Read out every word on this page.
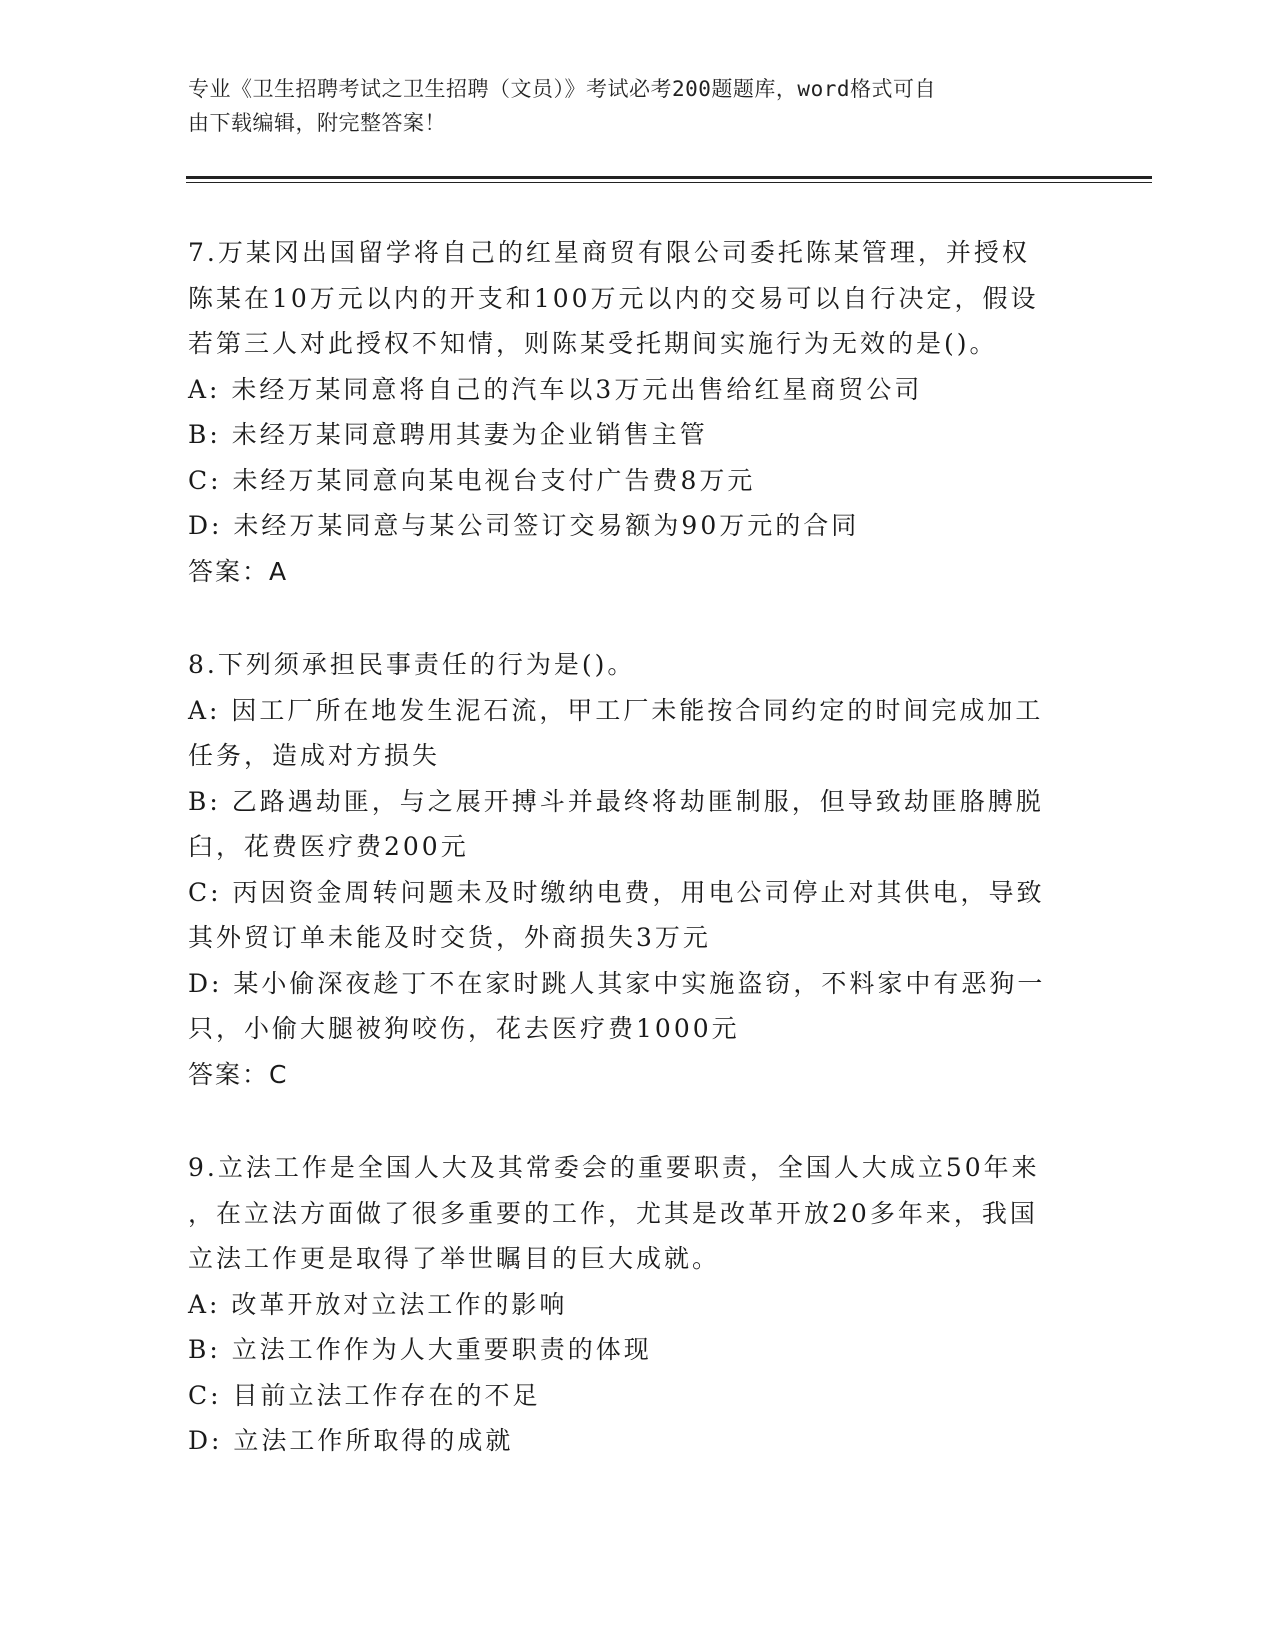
专业《卫生招聘考试之卫生招聘（文员）》考试必考200题题库，word格式可自
由下载编辑，附完整答案！
7.万某冈出国留学将自己的红星商贸有限公司委托陈某管理，并授权
陈某在10万元以内的开支和100万元以内的交易可以自行决定，假设
若第三人对此授权不知情，则陈某受托期间实施行为无效的是()。
A: 未经万某同意将自己的汽车以3万元出售给红星商贸公司
B: 未经万某同意聘用其妻为企业销售主管
C: 未经万某同意向某电视台支付广告费8万元
D: 未经万某同意与某公司签订交易额为90万元的合同
答案：A
8.下列须承担民事责任的行为是()。
A: 因工厂所在地发生泥石流，甲工厂未能按合同约定的时间完成加工
任务，造成对方损失
B: 乙路遇劫匪，与之展开搏斗并最终将劫匪制服，但导致劫匪胳膊脱
臼，花费医疗费200元
C: 丙因资金周转问题未及时缴纳电费，用电公司停止对其供电，导致
其外贸订单未能及时交货，外商损失3万元
D: 某小偷深夜趁丁不在家时跳人其家中实施盗窃，不料家中有恶狗一
只，小偷大腿被狗咬伤，花去医疗费1000元
答案：C
9.立法工作是全国人大及其常委会的重要职责，全国人大成立50年来
，在立法方面做了很多重要的工作，尤其是改革开放20多年来，我国
立法工作更是取得了举世瞩目的巨大成就。
A: 改革开放对立法工作的影响
B: 立法工作作为人大重要职责的体现
C: 目前立法工作存在的不足
D: 立法工作所取得的成就
